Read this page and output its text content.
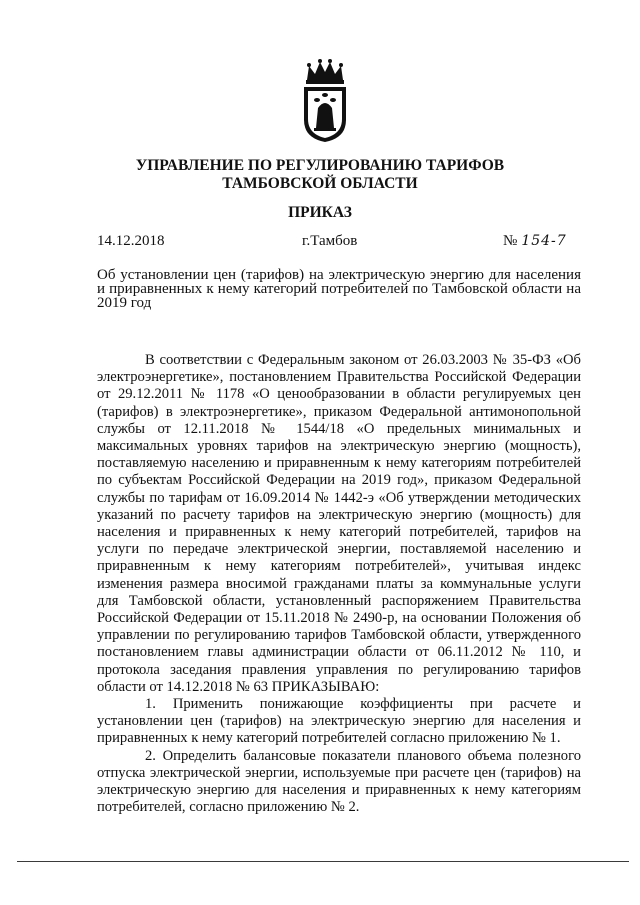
УПРАВЛЕНИЕ ПО РЕГУЛИРОВАНИЮ ТАРИФОВ
ТАМБОВСКОЙ ОБЛАСТИ
ПРИКАЗ
14.12.2018	г.Тамбов	№ 154-7
Об установлении цен (тарифов) на электрическую энергию для населения и приравненных к нему категорий потребителей по Тамбовской области на 2019 год
В соответствии с Федеральным законом от 26.03.2003 № 35-ФЗ «Об электроэнергетике», постановлением Правительства Российской Федерации от 29.12.2011 № 1178 «О ценообразовании в области регулируемых цен (тарифов) в электроэнергетике», приказом Федеральной антимонопольной службы от 12.11.2018 № 1544/18 «О предельных минимальных и максимальных уровнях тарифов на электрическую энергию (мощность), поставляемую населению и приравненным к нему категориям потребителей по субъектам Российской Федерации на 2019 год», приказом Федеральной службы по тарифам от 16.09.2014 № 1442-э «Об утверждении методических указаний по расчету тарифов на электрическую энергию (мощность) для населения и приравненных к нему категорий потребителей, тарифов на услуги по передаче электрической энергии, поставляемой населению и приравненным к нему категориям потребителей», учитывая индекс изменения размера вносимой гражданами платы за коммунальные услуги для Тамбовской области, установленный распоряжением Правительства Российской Федерации от 15.11.2018 № 2490-р, на основании Положения об управлении по регулированию тарифов Тамбовской области, утвержденного постановлением главы администрации области от 06.11.2012 № 110, и протокола заседания правления управления по регулированию тарифов области от 14.12.2018 № 63 ПРИКАЗЫВАЮ:
1. Применить понижающие коэффициенты при расчете и установлении цен (тарифов) на электрическую энергию для населения и приравненных к нему категорий потребителей согласно приложению № 1.
2. Определить балансовые показатели планового объема полезного отпуска электрической энергии, используемые при расчете цен (тарифов) на электрическую энергию для населения и приравненных к нему категориям потребителей, согласно приложению № 2.
